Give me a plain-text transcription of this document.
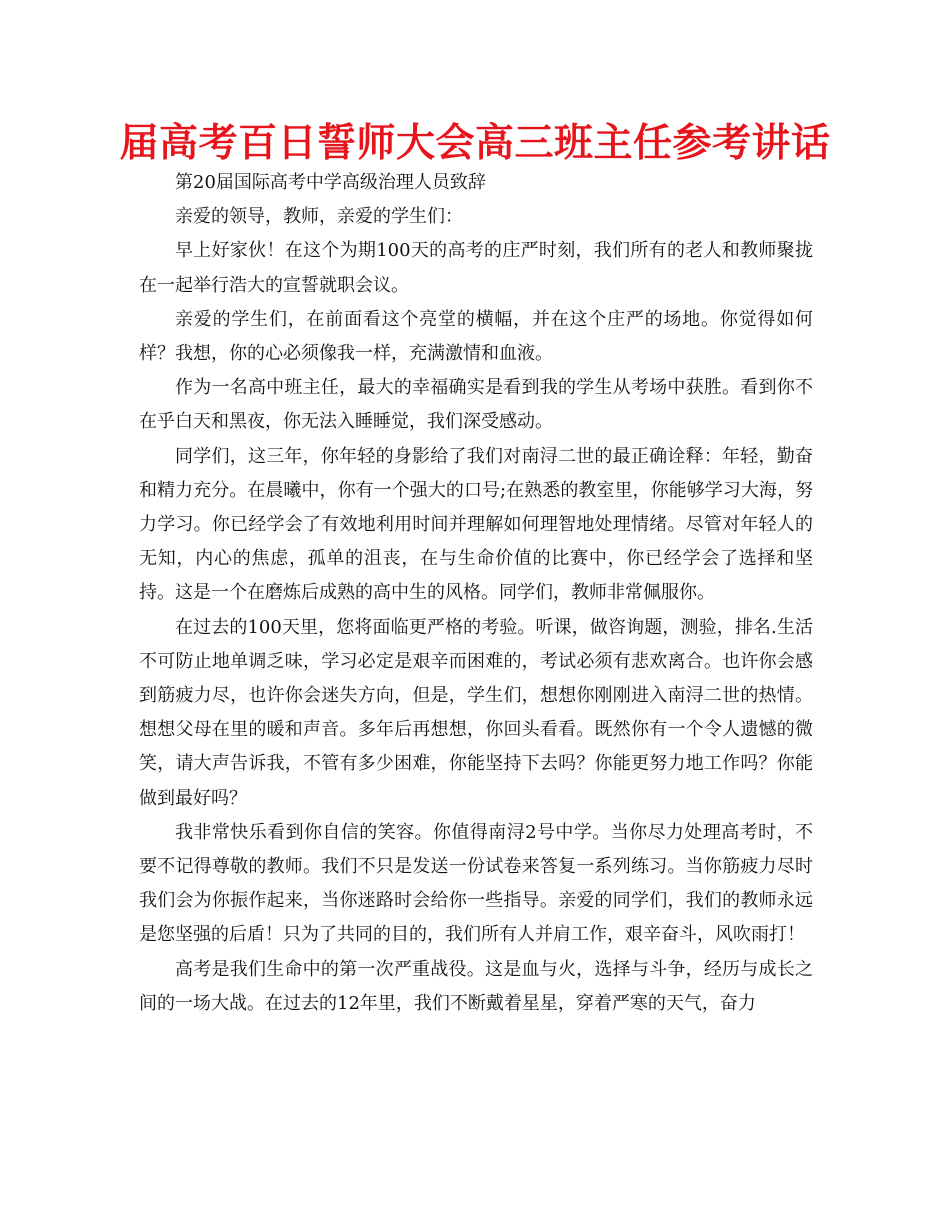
届高考百日誓师大会高三班主任参考讲话

第20届国际高考中学高级治理人员致辞

亲爱的领导，教师，亲爱的学生们：

早上好家伙！在这个为期100天的高考的庄严时刻，我们所有的老人和教师聚拢在一起举行浩大的宣誓就职会议。

亲爱的学生们，在前面看这个亮堂的横幅，并在这个庄严的场地。你觉得如何样？我想，你的心必须像我一样，充满激情和血液。

作为一名高中班主任，最大的幸福确实是看到我的学生从考场中获胜。看到你不在乎白天和黑夜，你无法入睡睡觉，我们深受感动。

同学们，这三年，你年轻的身影给了我们对南浔二世的最正确诠释：年轻，勤奋和精力充分。在晨曦中，你有一个强大的口号;在熟悉的教室里，你能够学习大海，努力学习。你已经学会了有效地利用时间并理解如何理智地处理情绪。尽管对年轻人的无知，内心的焦虑，孤单的沮丧，在与生命价值的比赛中，你已经学会了选择和坚持。这是一个在磨炼后成熟的高中生的风格。同学们，教师非常佩服你。

在过去的100天里，您将面临更严格的考验。听课，做咨询题，测验，排名.生活不可防止地单调乏味，学习必定是艰辛而困难的，考试必须有悲欢离合。也许你会感到筋疲力尽，也许你会迷失方向，但是，学生们，想想你刚刚进入南浔二世的热情。想想父母在里的暖和声音。多年后再想想，你回头看看。既然你有一个令人遗憾的微笑，请大声告诉我，不管有多少困难，你能坚持下去吗？你能更努力地工作吗？你能做到最好吗？

我非常快乐看到你自信的笑容。你值得南浔2号中学。当你尽力处理高考时，不要不记得尊敬的教师。我们不只是发送一份试卷来答复一系列练习。当你筋疲力尽时我们会为你振作起来，当你迷路时会给你一些指导。亲爱的同学们，我们的教师永远是您坚强的后盾！只为了共同的目的，我们所有人并肩工作，艰辛奋斗，风吹雨打！

高考是我们生命中的第一次严重战役。这是血与火，选择与斗争，经历与成长之间的一场大战。在过去的12年里，我们不断戴着星星，穿着严寒的天气，奋力
